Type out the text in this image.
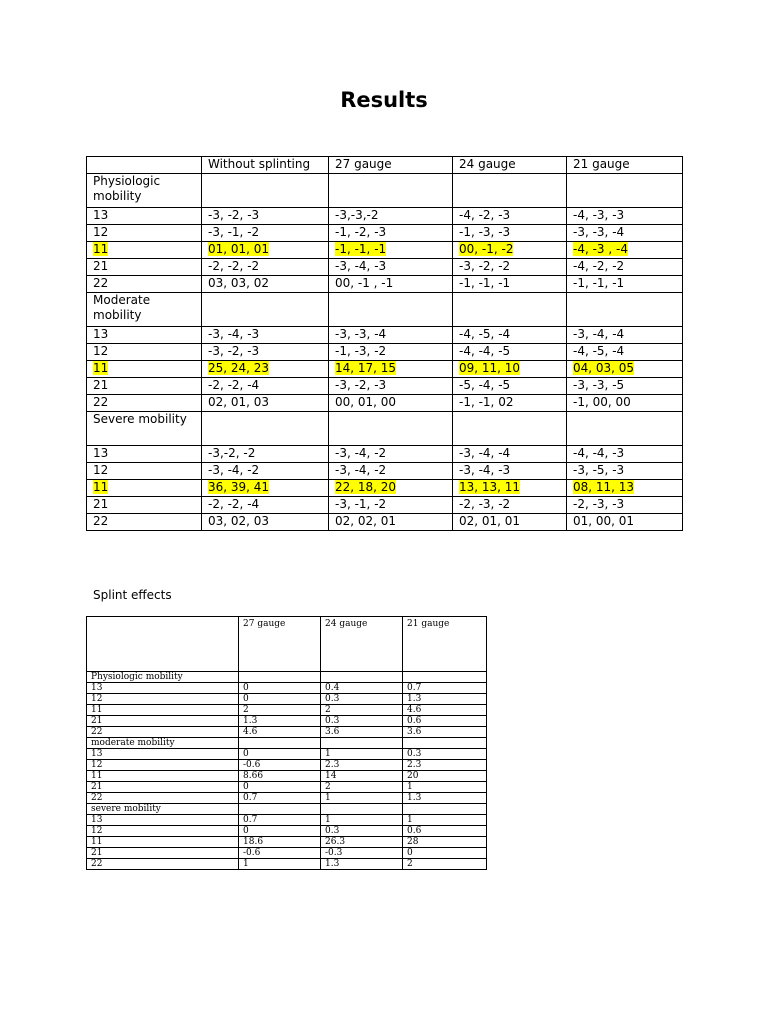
Results
	Without splinting	27 gauge	24 gauge	21 gauge
Physiologic mobility				
13	-3, -2, -3	-3,-3,-2	-4, -2, -3	-4, -3, -3
12	-3, -1, -2	-1, -2, -3	-1, -3, -3	-3, -3, -4
11	01, 01, 01	-1, -1, -1	00, -1, -2	-4, -3 , -4
21	-2, -2, -2	-3, -4, -3	-3, -2, -2	-4, -2, -2
22	03, 03, 02	00, -1 , -1	-1, -1, -1	-1, -1, -1
Moderate mobility				
13	-3, -4, -3	-3, -3, -4	-4, -5, -4	-3, -4, -4
12	-3, -2, -3	-1, -3, -2	-4, -4, -5	-4, -5, -4
11	25, 24, 23	14, 17, 15	09, 11, 10	04, 03, 05
21	-2, -2, -4	-3, -2, -3	-5, -4, -5	-3, -3, -5
22	02, 01, 03	00, 01, 00	-1, -1, 02	-1, 00, 00
Severe mobility				
13	-3,-2, -2	-3, -4, -2	-3, -4, -4	-4, -4, -3
12	-3, -4, -2	-3, -4, -2	-3, -4, -3	-3, -5, -3
11	36, 39, 41	22, 18, 20	13, 13, 11	08, 11, 13
21	-2, -2, -4	-3, -1, -2	-2, -3, -2	-2, -3, -3
22	03, 02, 03	02, 02, 01	02, 01, 01	01, 00, 01
Splint effects
	27 gauge	24 gauge	21 gauge
Physiologic mobility			
13	0	0.4	0.7
12	0	0.3	1.3
11	2	2	4.6
21	1.3	0.3	0.6
22	4.6	3.6	3.6
moderate mobility			
13	0	1	0.3
12	-0.6	2.3	2.3
11	8.66	14	20
21	0	2	1
22	0.7	1	1.3
severe mobility			
13	0.7	1	1
12	0	0.3	0.6
11	18.6	26.3	28
21	-0.6	-0.3	0
22	1	1.3	2
